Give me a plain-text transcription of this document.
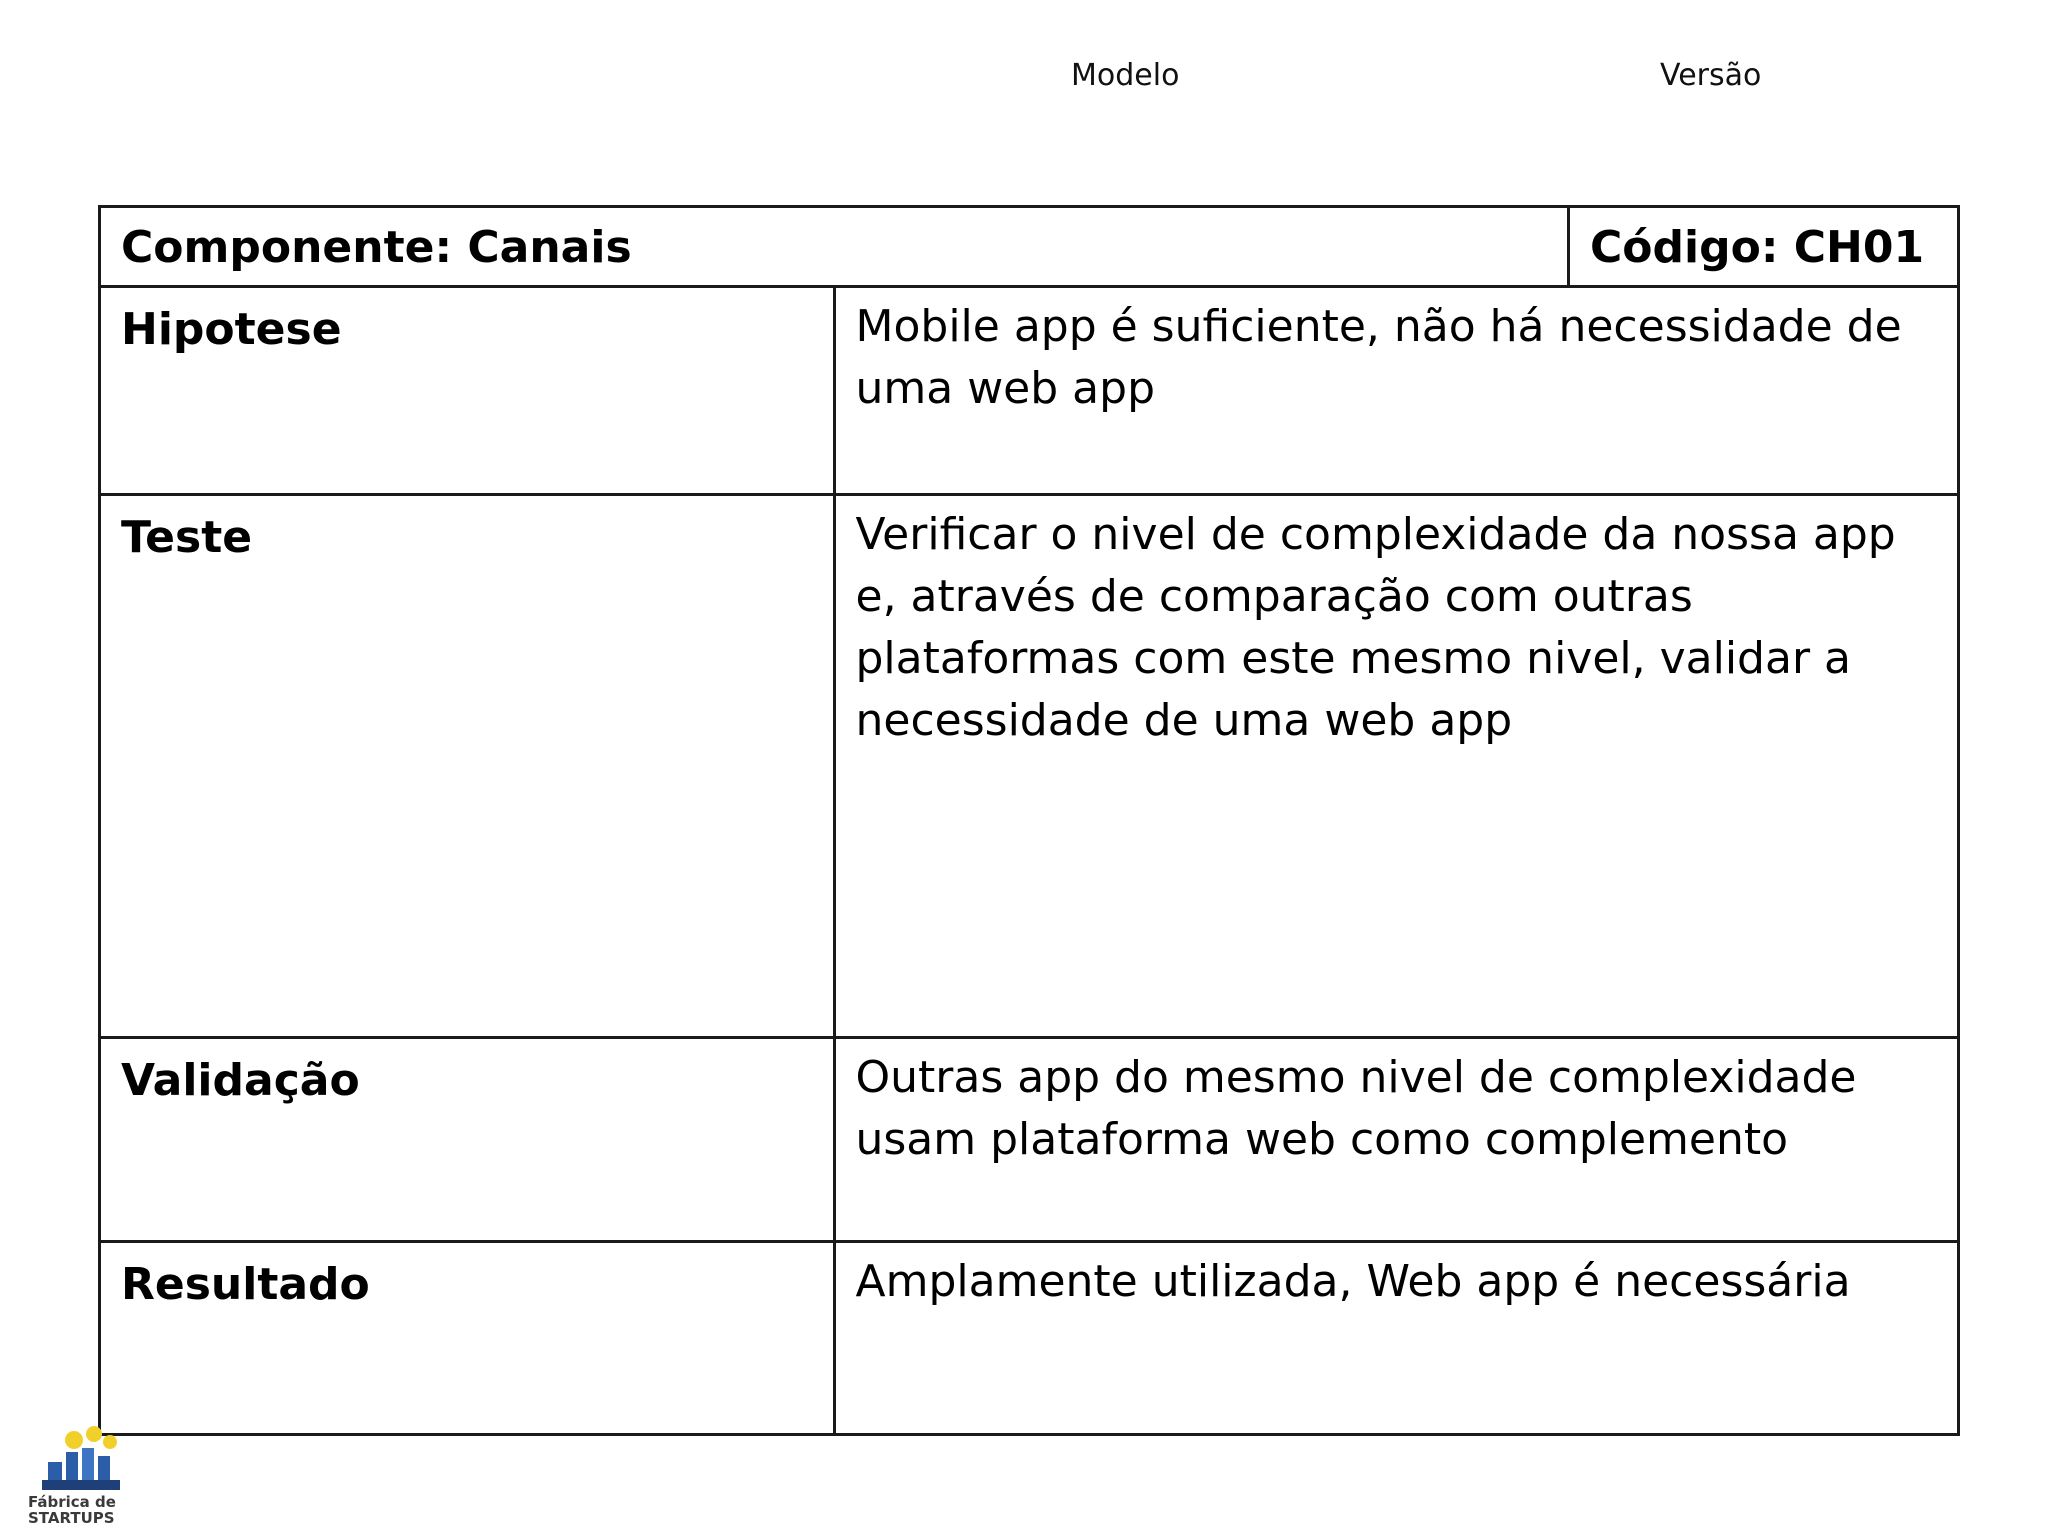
Modelo	Versão
Componente: Canais		Código: CH01
Hipotese	Mobile app é suficiente, não há necessidade de uma web app	
Teste	Verificar o nivel de complexidade da nossa app e, através de comparação com outras plataformas com este mesmo nivel, validar a necessidade de uma web app	
Validação	Outras app do mesmo nivel de complexidade usam plataforma web como complemento	
Resultado	Amplamente utilizada, Web app é necessária	
Fábrica de
STARTUPS
